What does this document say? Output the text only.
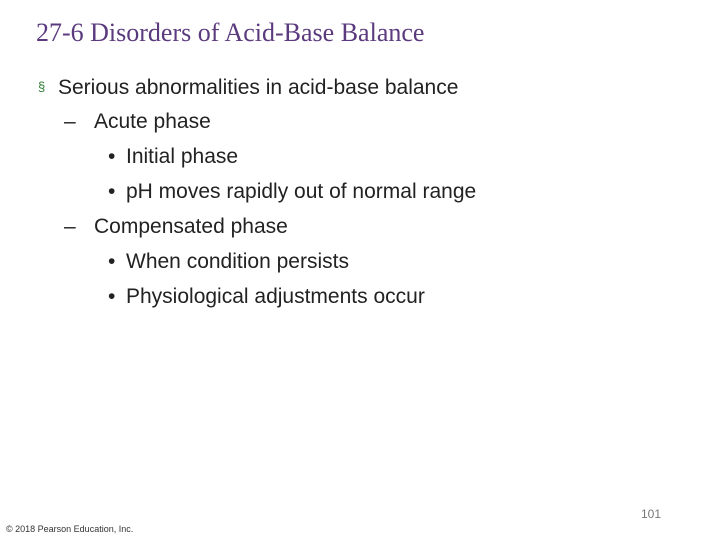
27-6 Disorders of Acid-Base Balance
§ Serious abnormalities in acid-base balance
– Acute phase
• Initial phase
• pH moves rapidly out of normal range
– Compensated phase
• When condition persists
• Physiological adjustments occur
101
© 2018 Pearson Education, Inc.
